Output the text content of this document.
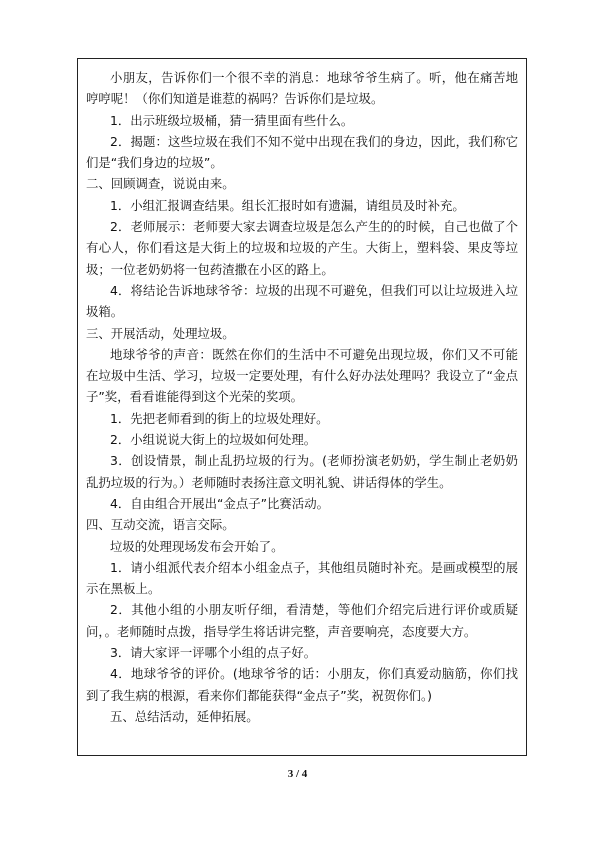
小朋友，告诉你们一个很不幸的消息：地球爷爷生病了。听，他在痛苦地哼哼呢！（你们知道是谁惹的祸吗？告诉你们是垃圾。

1．出示班级垃圾桶，猜一猜里面有些什么。

2．揭题：这些垃圾在我们不知不觉中出现在我们的身边，因此，我们称它们是“我们身边的垃圾”。

二、回顾调查，说说由来。

1．小组汇报调查结果。组长汇报时如有遗漏，请组员及时补充。

2．老师展示：老师要大家去调查垃圾是怎么产生的的时候，自己也做了个有心人，你们看这是大街上的垃圾和垃圾的产生。大街上，塑料袋、果皮等垃圾；一位老奶奶将一包药渣撒在小区的路上。

4．将结论告诉地球爷爷：垃圾的出现不可避免，但我们可以让垃圾进入垃圾箱。

三、开展活动，处理垃圾。

地球爷爷的声音：既然在你们的生活中不可避免出现垃圾，你们又不可能在垃圾中生活、学习，垃圾一定要处理，有什么好办法处理吗？我设立了“金点子”奖，看看谁能得到这个光荣的奖项。

1．先把老师看到的街上的垃圾处理好。

2．小组说说大街上的垃圾如何处理。

3．创设情景，制止乱扔垃圾的行为。(老师扮演老奶奶，学生制止老奶奶乱扔垃圾的行为。）老师随时表扬注意文明礼貌、讲话得体的学生。

4．自由组合开展出“金点子”比赛活动。

四、互动交流，语言交际。

垃圾的处理现场发布会开始了。

1．请小组派代表介绍本小组金点子，其他组员随时补充。是画或模型的展示在黑板上。

2．其他小组的小朋友听仔细，看清楚，等他们介绍完后进行评价或质疑问，。老师随时点拨，指导学生将话讲完整，声音要响亮，态度要大方。

3．请大家评一评哪个小组的点子好。

4．地球爷爷的评价。(地球爷爷的话：小朋友，你们真爱动脑筋，你们找到了我生病的根源，看来你们都能获得“金点子”奖，祝贺你们。)

五、总结活动，延伸拓展。

3 / 4
